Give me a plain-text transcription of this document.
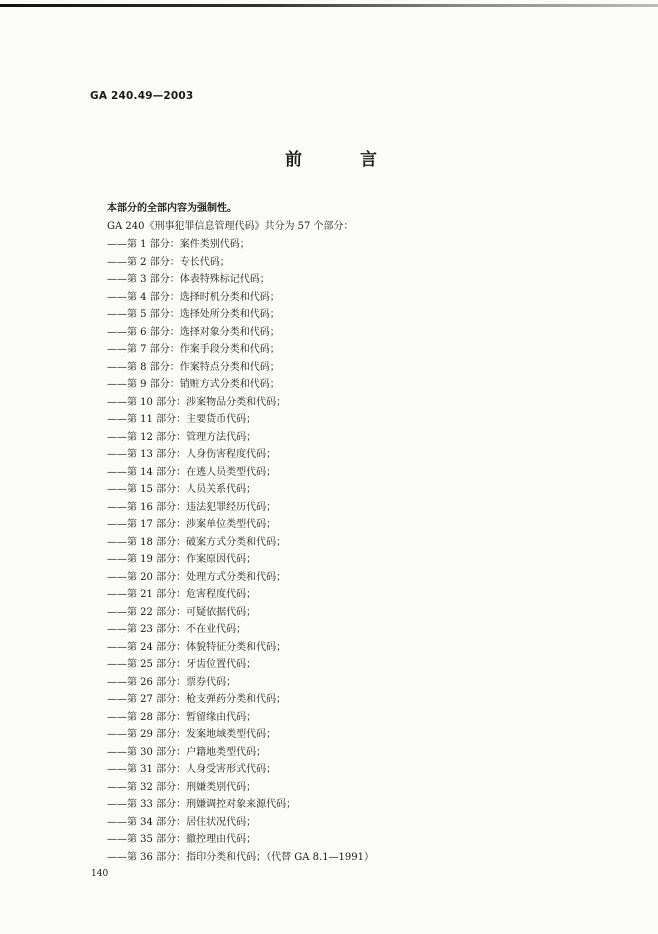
GA 240.49—2003
前 言
本部分的全部内容为强制性。
GA 240《刑事犯罪信息管理代码》共分为 57 个部分：
——第 1 部分：案件类别代码；
——第 2 部分：专长代码；
——第 3 部分：体表特殊标记代码；
——第 4 部分：选择时机分类和代码；
——第 5 部分：选择处所分类和代码；
——第 6 部分：选择对象分类和代码；
——第 7 部分：作案手段分类和代码；
——第 8 部分：作案特点分类和代码；
——第 9 部分：销赃方式分类和代码；
——第 10 部分：涉案物品分类和代码；
——第 11 部分：主要货币代码；
——第 12 部分：管理方法代码；
——第 13 部分：人身伤害程度代码；
——第 14 部分：在逃人员类型代码；
——第 15 部分：人员关系代码；
——第 16 部分：违法犯罪经历代码；
——第 17 部分：涉案单位类型代码；
——第 18 部分：破案方式分类和代码；
——第 19 部分：作案原因代码；
——第 20 部分：处理方式分类和代码；
——第 21 部分：危害程度代码；
——第 22 部分：可疑依据代码；
——第 23 部分：不在业代码；
——第 24 部分：体貌特征分类和代码；
——第 25 部分：牙齿位置代码；
——第 26 部分：票券代码；
——第 27 部分：枪支弹药分类和代码；
——第 28 部分：暂留缘由代码；
——第 29 部分：发案地域类型代码；
——第 30 部分：户籍地类型代码；
——第 31 部分：人身受害形式代码；
——第 32 部分：刑嫌类别代码；
——第 33 部分：刑嫌调控对象来源代码；
——第 34 部分：居住状况代码；
——第 35 部分：撤控理由代码；
——第 36 部分：指印分类和代码；（代替 GA 8.1—1991）
140
